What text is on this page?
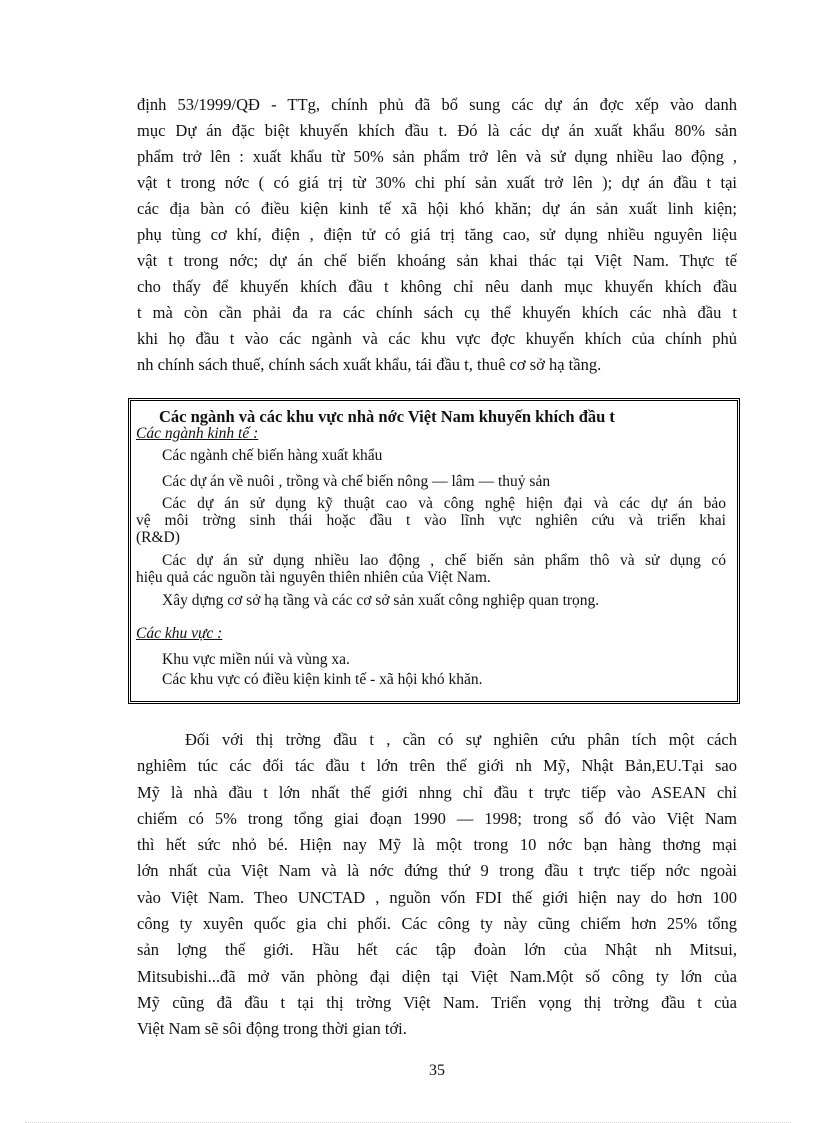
định 53/1999/QĐ - TTg, chính phủ đã bổ sung các dự án đợc xếp vào danh
mục Dự án đặc biệt khuyến khích đầu t. Đó là các dự án xuất khẩu 80% sản
phẩm trở lên : xuất khẩu từ 50% sản phẩm trở lên và sử dụng nhiều lao động ,
vật t trong nớc ( có giá trị từ 30% chi phí sản xuất trở lên ); dự án đầu t tại
các địa bàn có điều kiện kinh tế xã hội khó khăn; dự án sản xuất linh kiện;
phụ tùng cơ khí, điện , điện tử có giá trị tăng cao, sử dụng nhiều nguyên liệu
vật t trong nớc; dự án chế biến khoáng sản khai thác tại Việt Nam. Thực tế
cho thấy để khuyến khích đầu t không chỉ nêu danh mục khuyến khích đầu
t mà còn cần phải đa ra các chính sách cụ thể khuyến khích các nhà đầu t
khi họ đầu t vào các ngành và các khu vực đợc khuyến khích của chính phủ
nh chính sách thuế, chính sách xuất khẩu, tái đầu t, thuê cơ sở hạ tầng.
Các ngành và các khu vực nhà nớc Việt Nam khuyến khích đầu t
Các ngành kinh tế :
Các ngành chế biến hàng xuất khẩu
Các dự án về nuôi , trồng và chế biến nông — lâm — thuỷ sản
Các dự án sử dụng kỹ thuật cao và công nghệ hiện đại và các dự án bảo
vệ môi trờng sinh thái hoặc đầu t vào lĩnh vực nghiên cứu và triển khai
(R&D)
Các dự án sử dụng nhiều lao động , chế biến sản phẩm thô và sử dụng có
hiệu quả các nguồn tài nguyên thiên nhiên của Việt Nam.
Xây dựng cơ sở hạ tầng và các cơ sở sản xuất công nghiệp quan trọng.
Các khu vực :
Khu vực miền núi và vùng xa.
Các khu vực có điều kiện kinh tế - xã hội khó khăn.
Đối với thị trờng đầu t , cần có sự nghiên cứu phân tích một cách
nghiêm túc các đối tác đầu t lớn trên thế giới nh Mỹ, Nhật Bản,EU.Tại sao
Mỹ là nhà đầu t lớn nhất thế giới nhng chỉ đầu t trực tiếp vào ASEAN chỉ
chiếm có 5% trong tổng giai đoạn 1990 — 1998; trong số đó vào Việt Nam
thì hết sức nhỏ bé. Hiện nay Mỹ là một trong 10 nớc bạn hàng thơng mại
lớn nhất của Việt Nam và là nớc đứng thứ 9 trong đầu t trực tiếp nớc ngoài
vào Việt Nam. Theo UNCTAD , nguồn vốn FDI thế giới hiện nay do hơn 100
công ty xuyên quốc gia chi phối. Các công ty này cũng chiếm hơn 25% tổng
sản lợng thế giới. Hầu hết các tập đoàn lớn của Nhật nh Mitsui,
Mitsubishi...đã mở văn phòng đại diện tại Việt Nam.Một số công ty lớn của
Mỹ cũng đã đầu t tại thị trờng Việt Nam. Triển vọng thị trờng đầu t của
Việt Nam sẽ sôi động trong thời gian tới.
35
